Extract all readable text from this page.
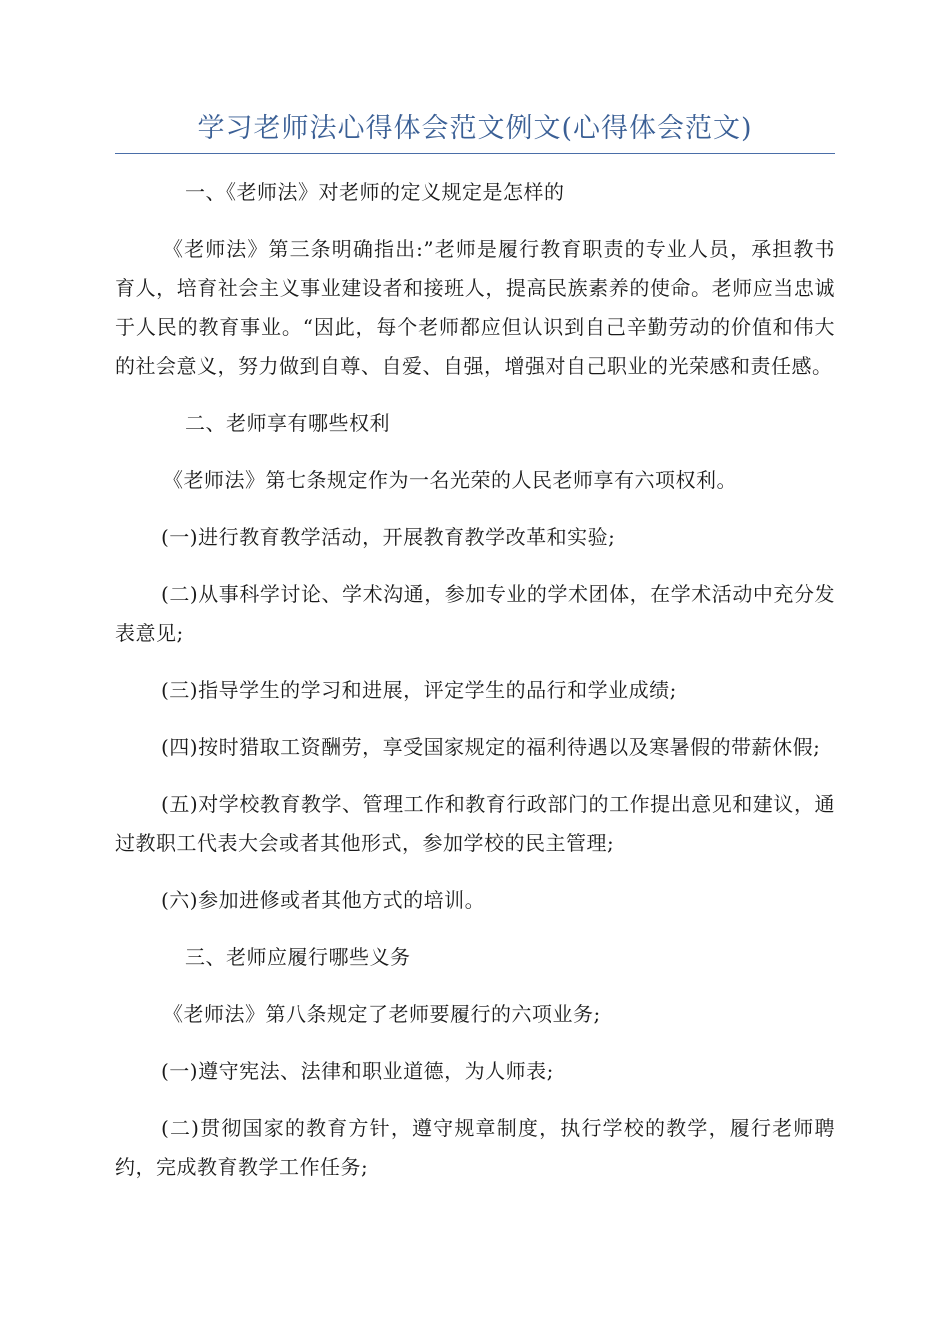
学习老师法心得体会范文例文(心得体会范文)

一、《老师法》对老师的定义规定是怎样的

《老师法》第三条明确指出:”老师是履行教育职责的专业人员，承担教书育人，培育社会主义事业建设者和接班人，提高民族素养的使命。老师应当忠诚于人民的教育事业。“因此，每个老师都应但认识到自己辛勤劳动的价值和伟大的社会意义，努力做到自尊、自爱、自强，增强对自己职业的光荣感和责任感。

二、老师享有哪些权利

《老师法》第七条规定作为一名光荣的人民老师享有六项权利。

(一)进行教育教学活动，开展教育教学改革和实验;

(二)从事科学讨论、学术沟通，参加专业的学术团体，在学术活动中充分发表意见;

(三)指导学生的学习和进展，评定学生的品行和学业成绩;

(四)按时猎取工资酬劳，享受国家规定的福利待遇以及寒暑假的带薪休假;

(五)对学校教育教学、管理工作和教育行政部门的工作提出意见和建议，通过教职工代表大会或者其他形式，参加学校的民主管理;

(六)参加进修或者其他方式的培训。

三、老师应履行哪些义务

《老师法》第八条规定了老师要履行的六项业务;

(一)遵守宪法、法律和职业道德，为人师表;

(二)贯彻国家的教育方针，遵守规章制度，执行学校的教学，履行老师聘约，完成教育教学工作任务;
